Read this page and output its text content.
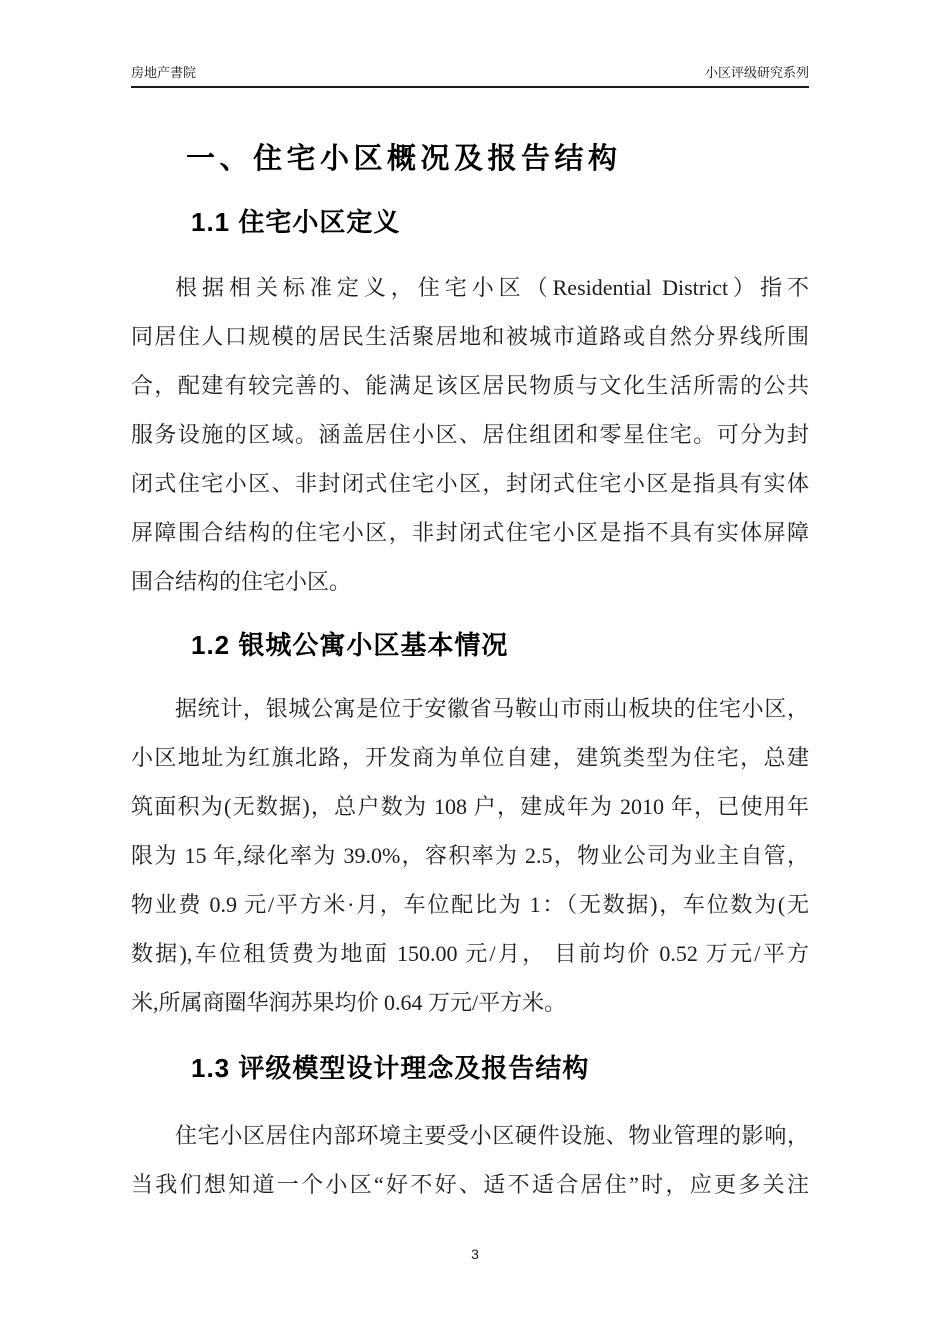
房地产書院	小区评级研究系列
一、住宅小区概况及报告结构
1.1 住宅小区定义
根据相关标准定义，住宅小区（Residential District）指不
同居住人口规模的居民生活聚居地和被城市道路或自然分界线所围
合，配建有较完善的、能满足该区居民物质与文化生活所需的公共
服务设施的区域。涵盖居住小区、居住组团和零星住宅。可分为封
闭式住宅小区、非封闭式住宅小区，封闭式住宅小区是指具有实体
屏障围合结构的住宅小区，非封闭式住宅小区是指不具有实体屏障
围合结构的住宅小区。
1.2 银城公寓小区基本情况
据统计，银城公寓是位于安徽省马鞍山市雨山板块的住宅小区，
小区地址为红旗北路，开发商为单位自建，建筑类型为住宅，总建
筑面积为(无数据)，总户数为 108 户，建成年为 2010 年，已使用年
限为 15 年,绿化率为 39.0%，容积率为 2.5，物业公司为业主自管，
物业费 0.9 元/平方米·月，车位配比为 1：（无数据)，车位数为(无
数据),车位租赁费为地面 150.00 元/月， 目前均价 0.52 万元/平方
米,所属商圈华润苏果均价 0.64 万元/平方米。
1.3 评级模型设计理念及报告结构
住宅小区居住内部环境主要受小区硬件设施、物业管理的影响，
当我们想知道一个小区“好不好、适不适合居住”时，应更多关注
3
